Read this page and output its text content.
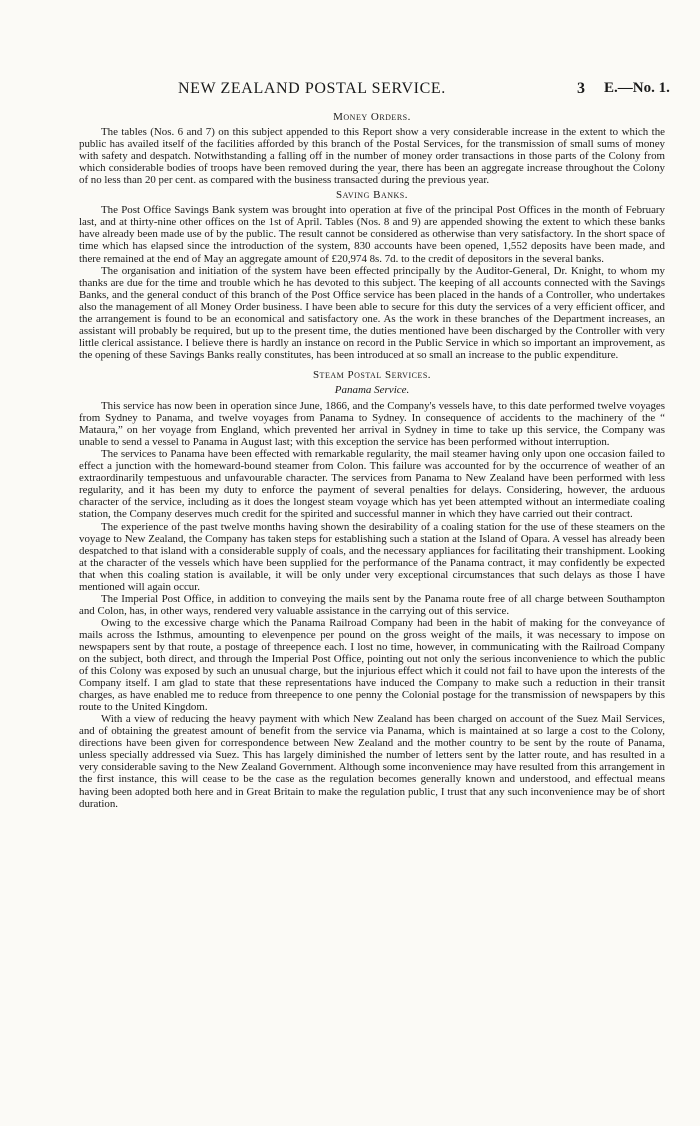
NEW ZEALAND POSTAL SERVICE.	3 E.—No. 1.
Money Orders.

The tables (Nos. 6 and 7) on this subject appended to this Report show a very considerable increase in the extent to which the public has availed itself of the facilities afforded by this branch of the Postal Services, for the transmission of small sums of money with safety and despatch. Notwithstanding a falling off in the number of money order transactions in those parts of the Colony from which considerable bodies of troops have been removed during the year, there has been an aggregate increase throughout the Colony of no less than 20 per cent. as compared with the business transacted during the previous year.

Saving Banks.

The Post Office Savings Bank system was brought into operation at five of the principal Post Offices in the month of February last, and at thirty-nine other offices on the 1st of April. Tables (Nos. 8 and 9) are appended showing the extent to which these banks have already been made use of by the public. The result cannot be considered as otherwise than very satisfactory. In the short space of time which has elapsed since the introduction of the system, 830 accounts have been opened, 1,552 deposits have been made, and there remained at the end of May an aggregate amount of £20,974 8s. 7d. to the credit of depositors in the several banks.

The organisation and initiation of the system have been effected principally by the Auditor-General, Dr. Knight, to whom my thanks are due for the time and trouble which he has devoted to this subject. The keeping of all accounts connected with the Savings Banks, and the general conduct of this branch of the Post Office service has been placed in the hands of a Controller, who undertakes also the management of all Money Order business. I have been able to secure for this duty the services of a very efficient officer, and the arrangement is found to be an economical and satisfactory one. As the work in these branches of the Department increases, an assistant will probably be required, but up to the present time, the duties mentioned have been discharged by the Controller with very little clerical assistance. I believe there is hardly an instance on record in the Public Service in which so important an improvement, as the opening of these Savings Banks really constitutes, has been introduced at so small an increase to the public expenditure.

Steam Postal Services.
Panama Service.

This service has now been in operation since June, 1866, and the Company's vessels have, to this date performed twelve voyages from Sydney to Panama, and twelve voyages from Panama to Sydney. In consequence of accidents to the machinery of the “ Mataura,” on her voyage from England, which prevented her arrival in Sydney in time to take up this service, the Company was unable to send a vessel to Panama in August last; with this exception the service has been performed without interruption.

The services to Panama have been effected with remarkable regularity, the mail steamer having only upon one occasion failed to effect a junction with the homeward-bound steamer from Colon. This failure was accounted for by the occurrence of weather of an extraordinarily tempestuous and unfavourable character. The services from Panama to New Zealand have been performed with less regularity, and it has been my duty to enforce the payment of several penalties for delays. Considering, however, the arduous character of the service, including as it does the longest steam voyage which has yet been attempted without an intermediate coaling station, the Company deserves much credit for the spirited and successful manner in which they have carried out their contract.

The experience of the past twelve months having shown the desirability of a coaling station for the use of these steamers on the voyage to New Zealand, the Company has taken steps for establishing such a station at the Island of Opara. A vessel has already been despatched to that island with a considerable supply of coals, and the necessary appliances for facilitating their transhipment. Looking at the character of the vessels which have been supplied for the performance of the Panama contract, it may confidently be expected that when this coaling station is available, it will be only under very exceptional circumstances that such delays as those I have mentioned will again occur.

The Imperial Post Office, in addition to conveying the mails sent by the Panama route free of all charge between Southampton and Colon, has, in other ways, rendered very valuable assistance in the carrying out of this service.

Owing to the excessive charge which the Panama Railroad Company had been in the habit of making for the conveyance of mails across the Isthmus, amounting to elevenpence per pound on the gross weight of the mails, it was necessary to impose on newspapers sent by that route, a postage of threepence each. I lost no time, however, in communicating with the Railroad Company on the subject, both direct, and through the Imperial Post Office, pointing out not only the serious inconvenience to which the public of this Colony was exposed by such an unusual charge, but the injurious effect which it could not fail to have upon the interests of the Company itself. I am glad to state that these representations have induced the Company to make such a reduction in their transit charges, as have enabled me to reduce from threepence to one penny the Colonial postage for the transmission of newspapers by this route to the United Kingdom.

With a view of reducing the heavy payment with which New Zealand has been charged on account of the Suez Mail Services, and of obtaining the greatest amount of benefit from the service via Panama, which is maintained at so large a cost to the Colony, directions have been given for correspondence between New Zealand and the mother country to be sent by the route of Panama, unless specially addressed via Suez. This has largely diminished the number of letters sent by the latter route, and has resulted in a very considerable saving to the New Zealand Government. Although some inconvenience may have resulted from this arrangement in the first instance, this will cease to be the case as the regulation becomes generally known and understood, and effectual means having been adopted both here and in Great Britain to make the regulation public, I trust that any such inconvenience may be of short duration.
